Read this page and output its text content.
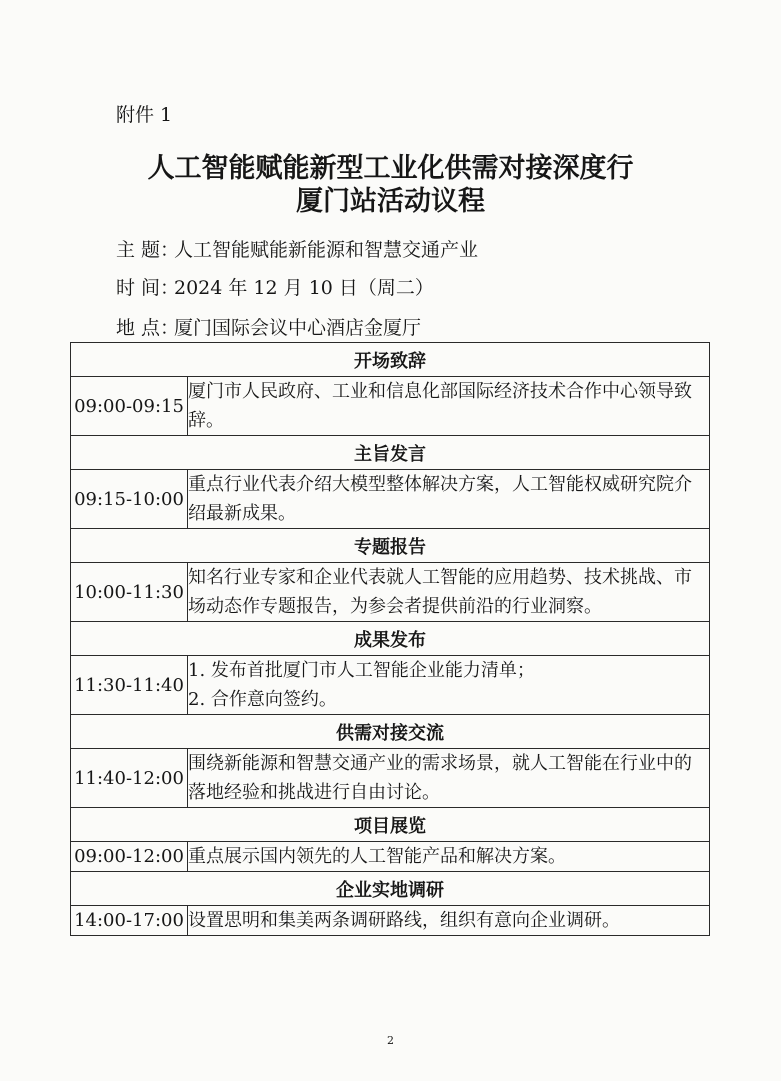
附件 1
人工智能赋能新型工业化供需对接深度行
厦门站活动议程
主 题：人工智能赋能新能源和智慧交通产业
时 间：2024 年 12 月 10 日（周二）
地 点：厦门国际会议中心酒店金厦厅
开场致辞	
09:00-09:15	厦门市人民政府、工业和信息化部国际经济技术合作中心领导致辞。
主旨发言	
09:15-10:00	重点行业代表介绍大模型整体解决方案，人工智能权威研究院介绍最新成果。
专题报告	
10:00-11:30	知名行业专家和企业代表就人工智能的应用趋势、技术挑战、市场动态作专题报告，为参会者提供前沿的行业洞察。
成果发布	
11:30-11:40	1. 发布首批厦门市人工智能企业能力清单；
2. 合作意向签约。

供需对接交流	
11:40-12:00	围绕新能源和智慧交通产业的需求场景，就人工智能在行业中的落地经验和挑战进行自由讨论。
项目展览	
09:00-12:00	重点展示国内领先的人工智能产品和解决方案。
企业实地调研	
14:00-17:00	设置思明和集美两条调研路线，组织有意向企业调研。
2
